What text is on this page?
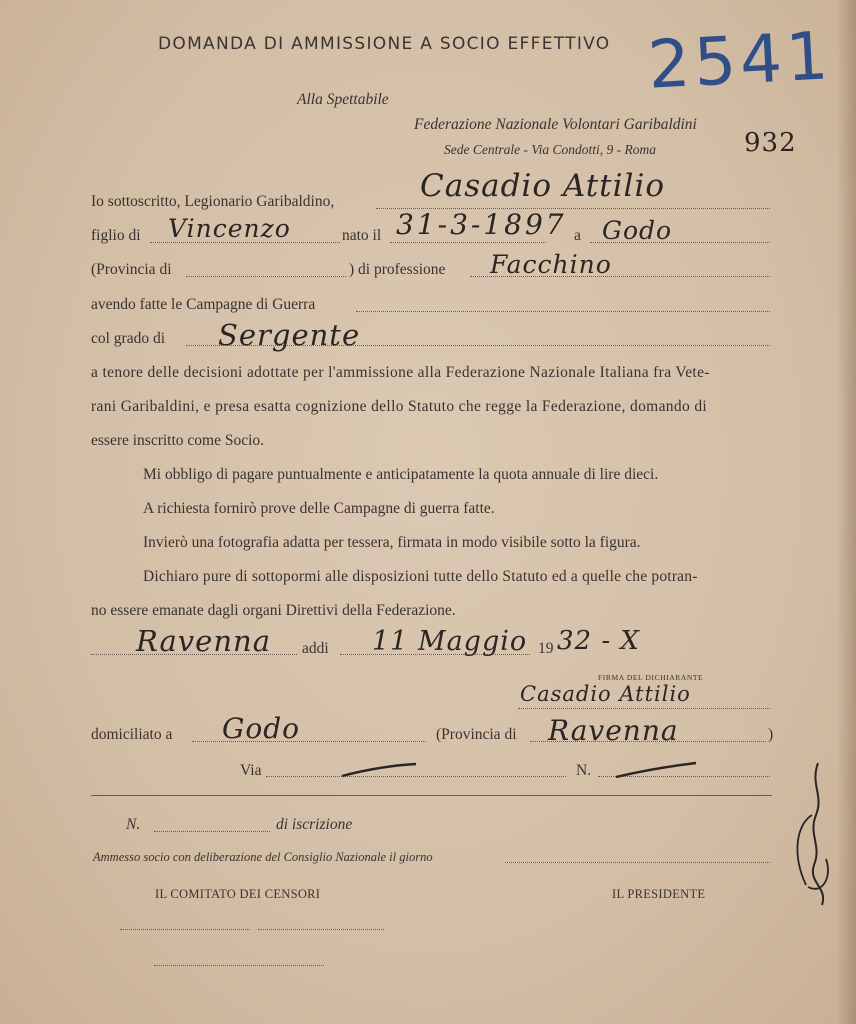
DOMANDA DI AMMISSIONE A SOCIO EFFETTIVO 2541
932
Alla Spettabile
Federazione Nazionale Volontari Garibaldini
Sede Centrale - Via Condotti, 9 - Roma
Io sottoscritto, Legionario Garibaldino,	Casadio Attilio
figlio di Vincenzo	nato il 31-3-1897 a Godo
(Provincia di	) di professione Facchino
avendo fatte le Campagne di Guerra
col grado di Sergente
a tenore delle decisioni adottate per l'ammissione alla Federazione Nazionale Italiana fra Vete-
rani Garibaldini, e presa esatta cognizione dello Statuto che regge la Federazione, domando di
essere inscritto come Socio.
Mi obbligo di pagare puntualmente e anticipatamente la quota annuale di lire dieci.
A richiesta fornirò prove delle Campagne di guerra fatte.
Invierò una fotografia adatta per tessera, firmata in modo visibile sotto la figura.
Dichiaro pure di sottopormi alle disposizioni tutte dello Statuto ed a quelle che potran-
no essere emanate dagli organi Direttivi della Federazione.
Ravenna addi 11 Maggio 19 32 - X
FIRMA DEL DICHIARANTE
Casadio Attilio
domiciliato a Godo	(Provincia di Ravenna	)
Via	N.
N.	di iscrizione
Ammesso socio con deliberazione del Consiglio Nazionale il giorno
IL COMITATO DEI CENSORI	IL PRESIDENTE
